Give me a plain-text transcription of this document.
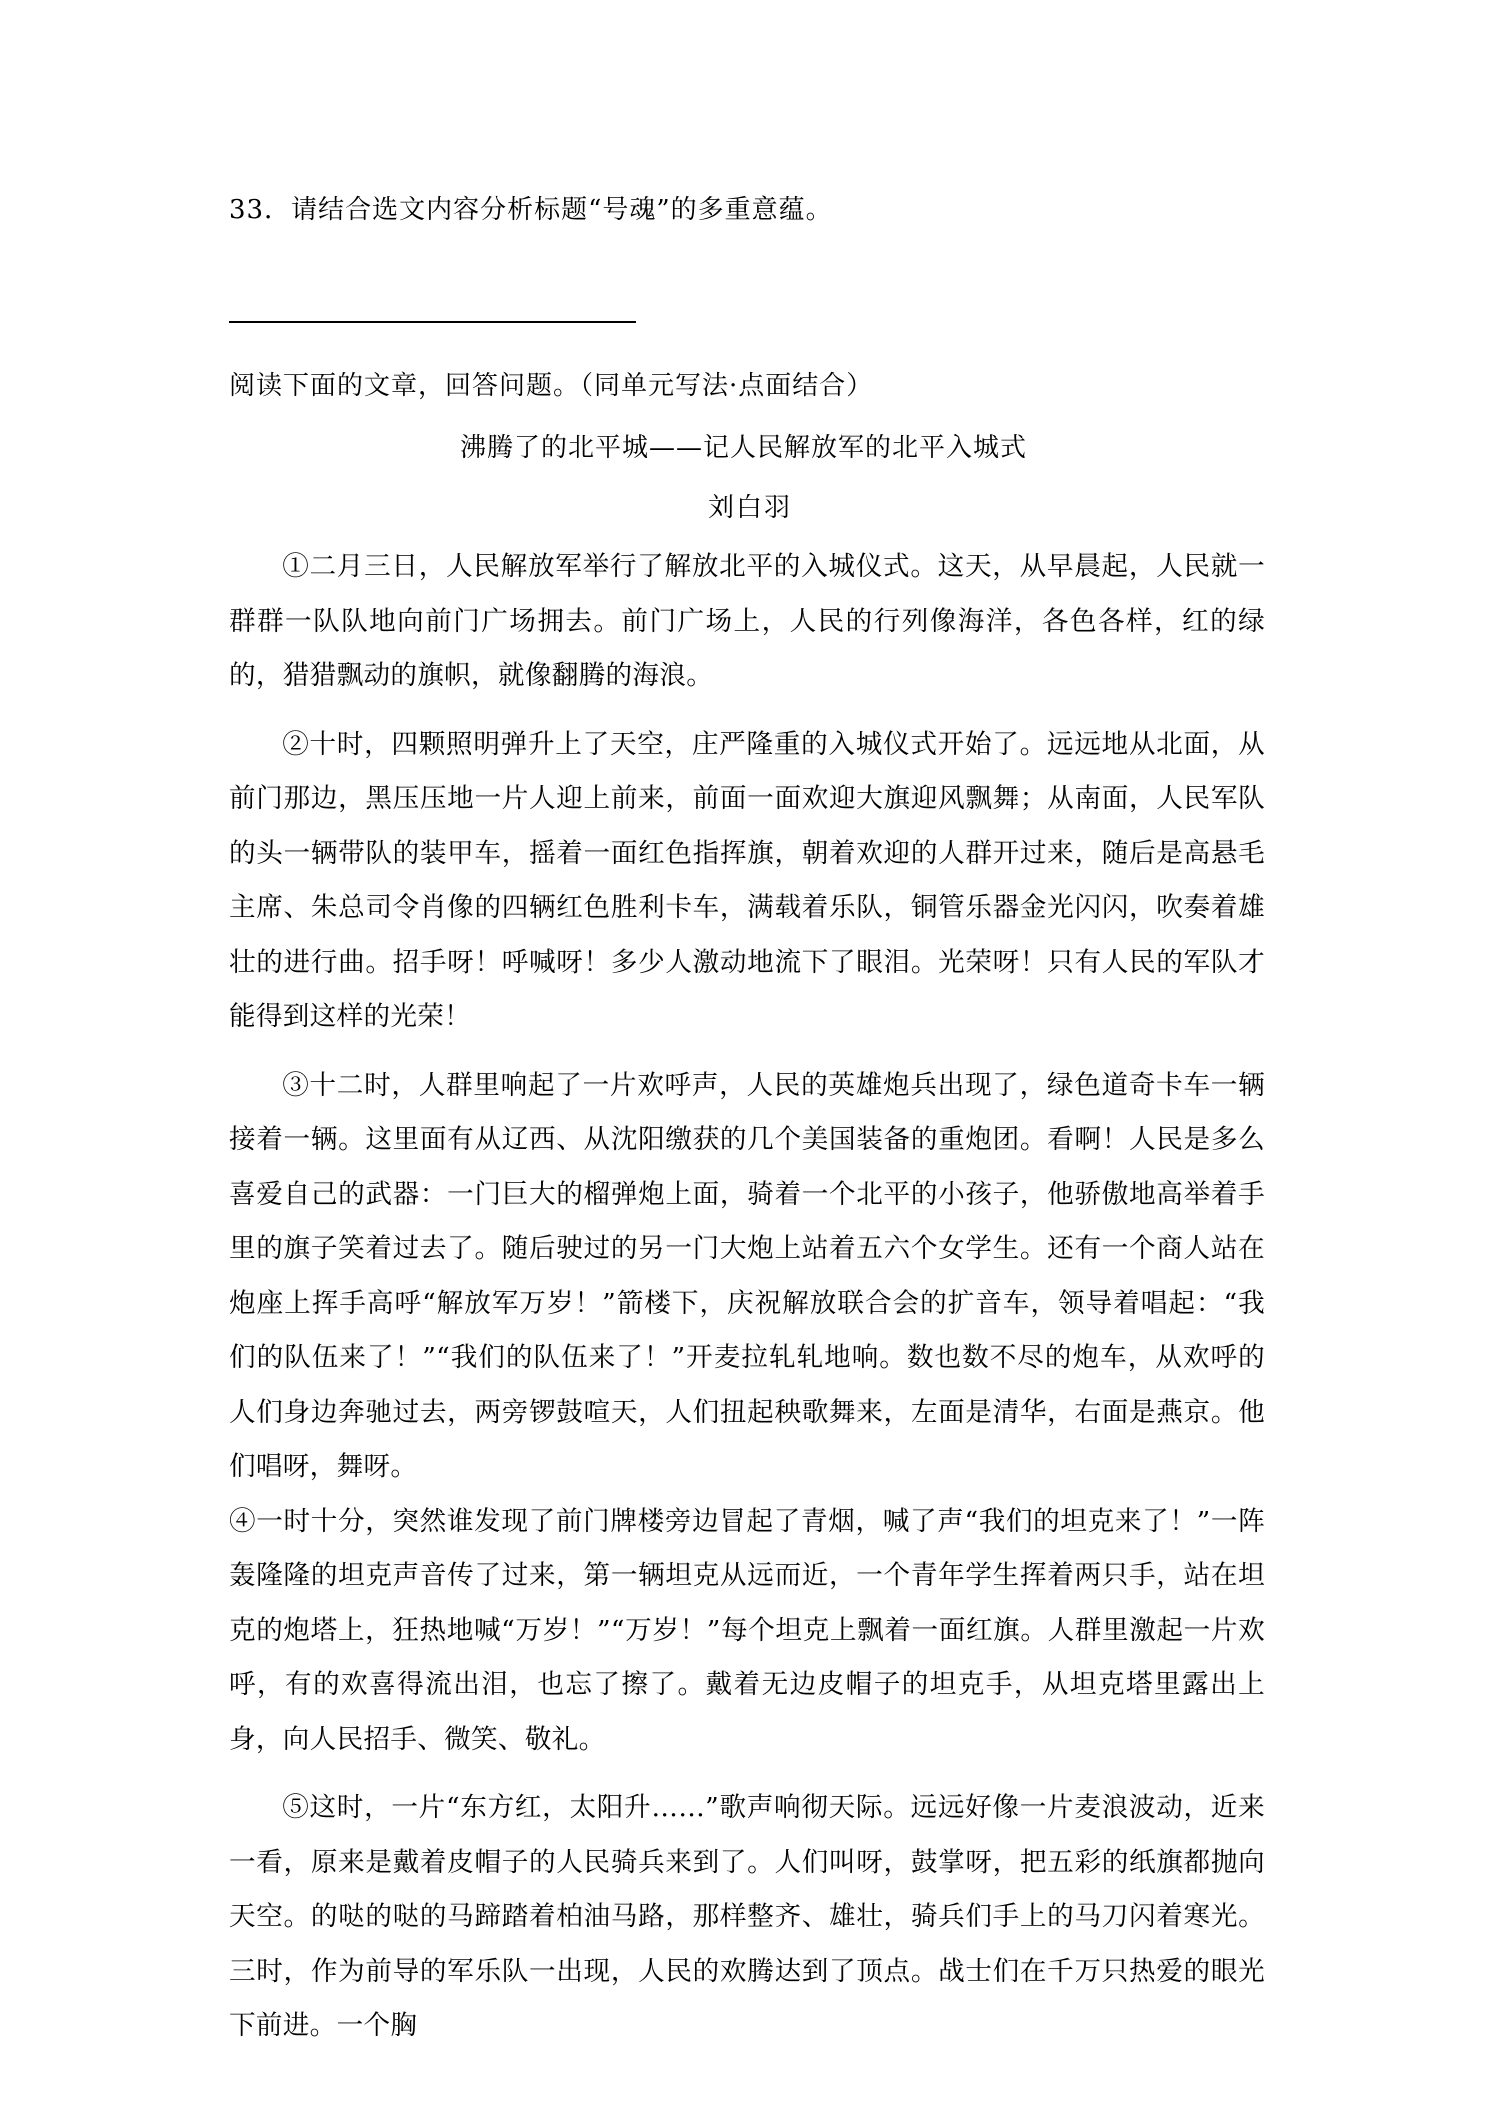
33．请结合选文内容分析标题“号魂”的多重意蕴。
阅读下面的文章，回答问题。（同单元写法·点面结合）
沸腾了的北平城——记人民解放军的北平入城式
刘白羽

①二月三日，人民解放军举行了解放北平的入城仪式。这天，从早晨起，人民就一群群一队队地向前门广场拥去。前门广场上，人民的行列像海洋，各色各样，红的绿的，猎猎飘动的旗帜，就像翻腾的海浪。

②十时，四颗照明弹升上了天空，庄严隆重的入城仪式开始了。远远地从北面，从前门那边，黑压压地一片人迎上前来，前面一面欢迎大旗迎风飘舞；从南面，人民军队的头一辆带队的装甲车，摇着一面红色指挥旗，朝着欢迎的人群开过来，随后是高悬毛主席、朱总司令肖像的四辆红色胜利卡车，满载着乐队，铜管乐器金光闪闪，吹奏着雄壮的进行曲。招手呀！呼喊呀！多少人激动地流下了眼泪。光荣呀！只有人民的军队才能得到这样的光荣！

③十二时，人群里响起了一片欢呼声，人民的英雄炮兵出现了，绿色道奇卡车一辆接着一辆。这里面有从辽西、从沈阳缴获的几个美国装备的重炮团。看啊！人民是多么喜爱自己的武器：一门巨大的榴弹炮上面，骑着一个北平的小孩子，他骄傲地高举着手里的旗子笑着过去了。随后驶过的另一门大炮上站着五六个女学生。还有一个商人站在炮座上挥手高呼“解放军万岁！”箭楼下，庆祝解放联合会的扩音车，领导着唱起：“我们的队伍来了！”“我们的队伍来了！”开麦拉轧轧地响。数也数不尽的炮车，从欢呼的人们身边奔驰过去，两旁锣鼓喧天，人们扭起秧歌舞来，左面是清华，右面是燕京。他们唱呀，舞呀。

④一时十分，突然谁发现了前门牌楼旁边冒起了青烟，喊了声“我们的坦克来了！”一阵轰隆隆的坦克声音传了过来，第一辆坦克从远而近，一个青年学生挥着两只手，站在坦克的炮塔上，狂热地喊“万岁！”“万岁！”每个坦克上飘着一面红旗。人群里激起一片欢呼，有的欢喜得流出泪，也忘了擦了。戴着无边皮帽子的坦克手，从坦克塔里露出上身，向人民招手、微笑、敬礼。

⑤这时，一片“东方红，太阳升……”歌声响彻天际。远远好像一片麦浪波动，近来一看，原来是戴着皮帽子的人民骑兵来到了。人们叫呀，鼓掌呀，把五彩的纸旗都抛向天空。的哒的哒的马蹄踏着柏油马路，那样整齐、雄壮，骑兵们手上的马刀闪着寒光。三时，作为前导的军乐队一出现，人民的欢腾达到了顶点。战士们在千万只热爱的眼光下前进。一个胸
